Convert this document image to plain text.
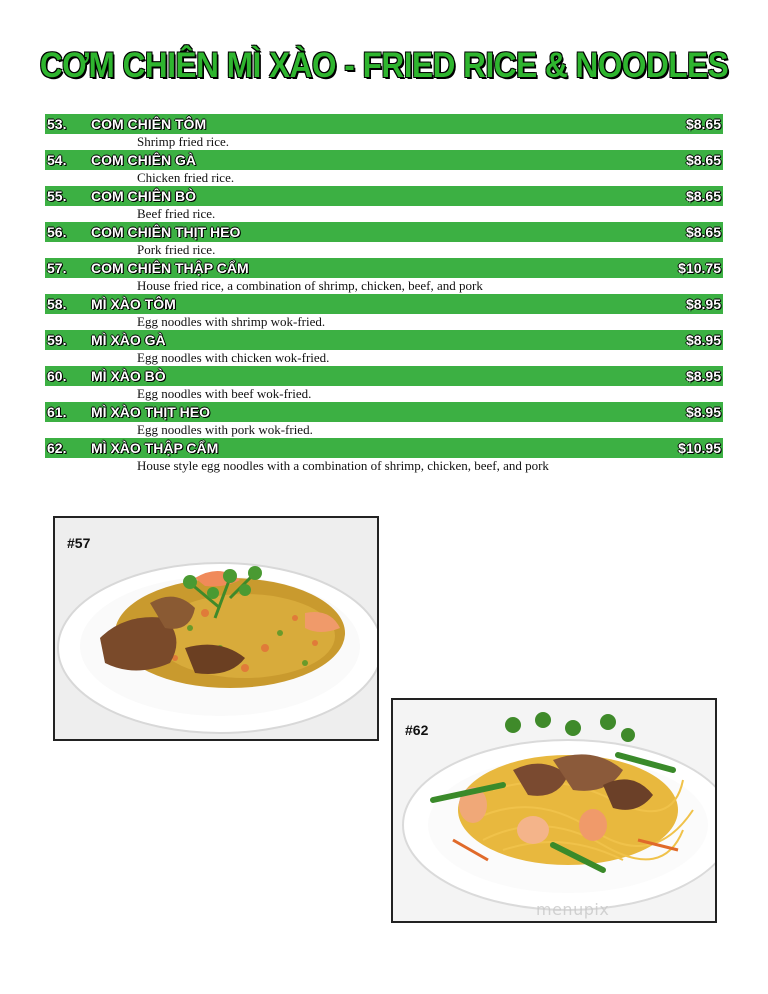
CƠM CHIÊN MÌ XÀO - FRIED RICE & NOODLES
53. COM CHIÊN TÔM	$8.65
Shrimp fried rice.
54. COM CHIÊN GÀ	$8.65
Chicken fried rice.
55. COM CHIÊN BÒ	$8.65
Beef fried rice.
56. COM CHIÊN THỊT HEO	$8.65
Pork fried rice.
57. COM CHIÊN THẬP CẨM	$10.75
House fried rice, a combination of shrimp, chicken, beef, and pork
58. MÌ XÀO TÔM	$8.95
Egg noodles with shrimp wok-fried.
59. MÌ XÀO GÀ	$8.95
Egg noodles with chicken wok-fried.
60. MÌ XÀO BÒ	$8.95
Egg noodles with beef wok-fried.
61. MÌ XÀO THỊT HEO	$8.95
Egg noodles with pork wok-fried.
62. MÌ XÀO THẬP CẨM	$10.95
House style egg noodles with a combination of shrimp, chicken, beef, and pork
#57
#62
menupix
